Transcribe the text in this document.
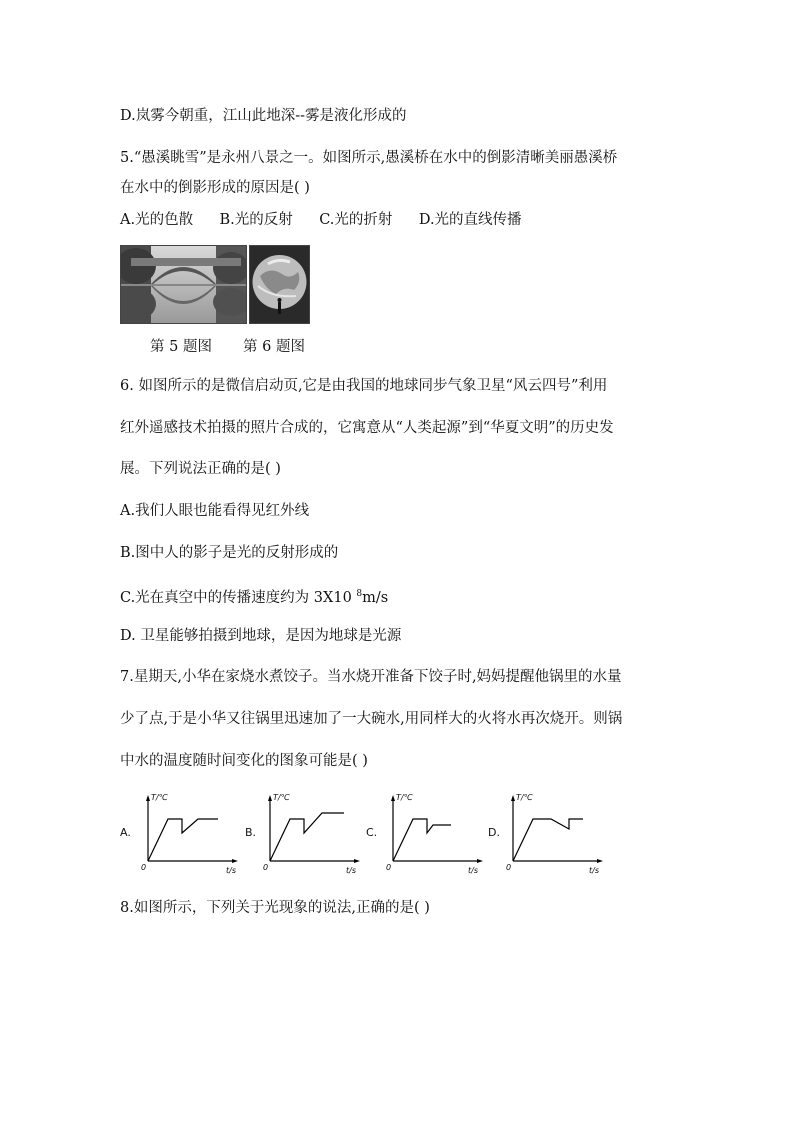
D.岚雾今朝重，江山此地深--雾是液化形成的
5.“愚溪眺雪”是永州八景之一。如图所示,愚溪桥在水中的倒影清晰美丽愚溪桥
在水中的倒影形成的原因是( )
A.光的色散    B.光的反射    C.光的折射    D.光的直线传播
第 5 题图 第 6 题图
6. 如图所示的是微信启动页,它是由我国的地球同步气象卫星“风云四号”利用
红外遥感技术拍摄的照片合成的，它寓意从“人类起源”到“华夏文明”的历史发
展。下列说法正确的是( )
A.我们人眼也能看得见红外线
B.图中人的影子是光的反射形成的
C.光在真空中的传播速度约为 3X10 $^8$m/s
D. 卫星能够拍摄到地球，是因为地球是光源
7.星期天,小华在家烧水煮饺子。当水烧开准备下饺子时,妈妈提醒他锅里的水量
少了点,于是小华又往锅里迅速加了一大碗水,用同样大的火将水再次烧开。则锅
中水的温度随时间变化的图象可能是( )
A.
T/℃
0	t/s
B.
T/℃
0	t/s
C.
T/℃
0	t/s
D.
T/℃
0	t/s
8.如图所示，下列关于光现象的说法,正确的是( )
